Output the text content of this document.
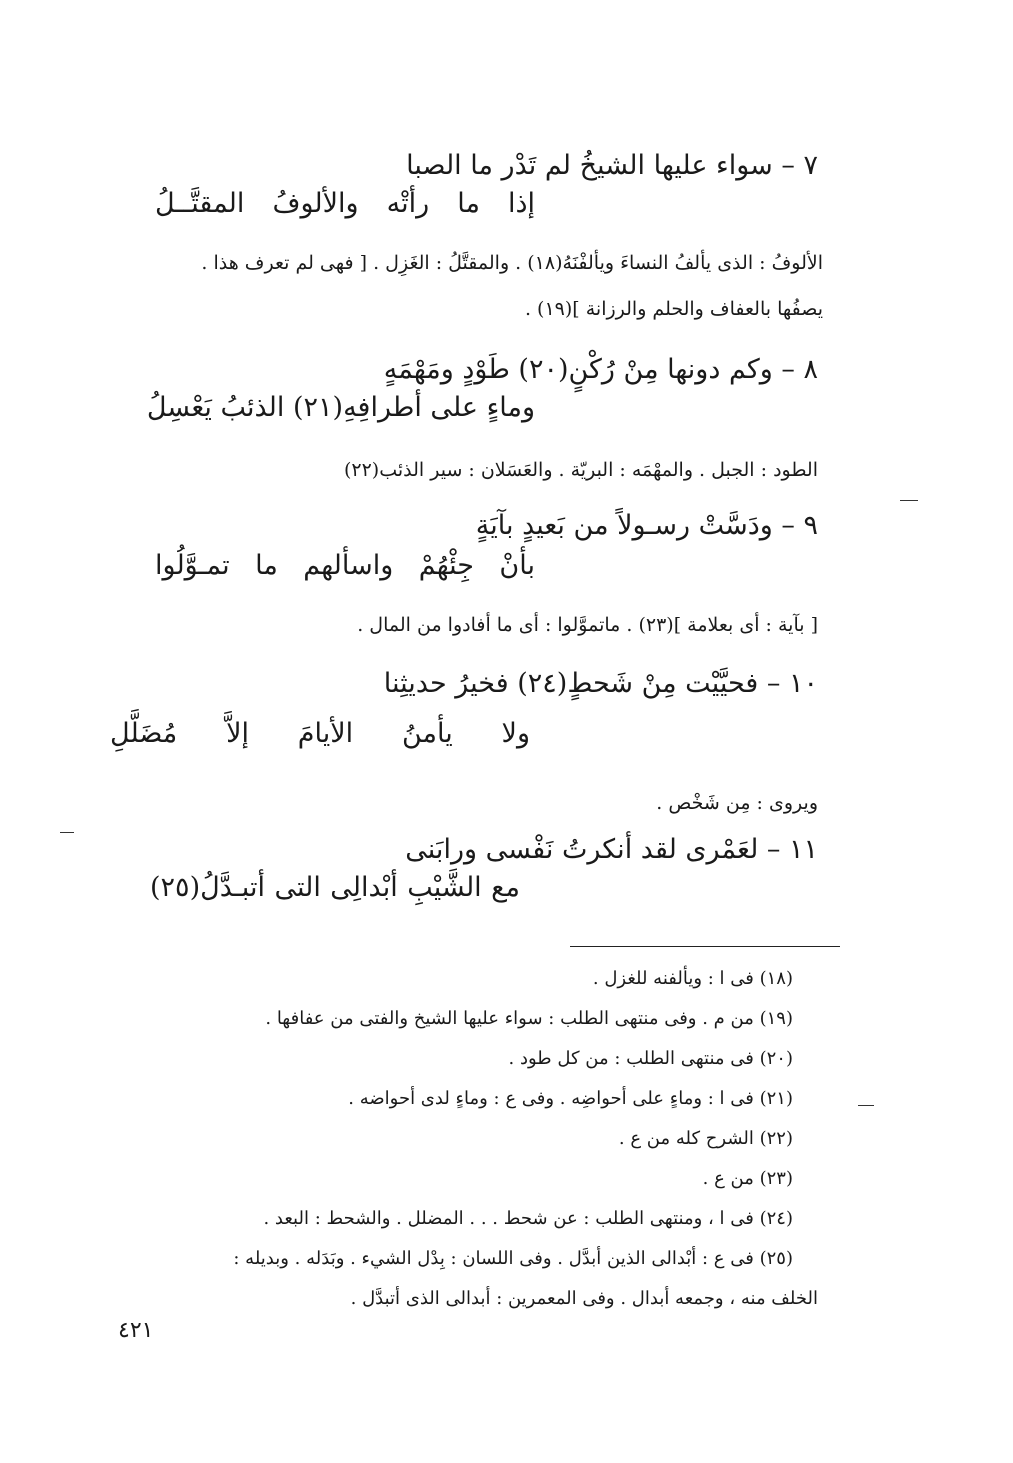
٧ – سواء عليها الشيخُ لم تَدْر ما الصبا
إذا ما رأتْه والألوفُ المقتَّــلُ
الألوفُ : الذى يألفُ النساءَ ويألفْنَهُ(١٨) . والمقتَّلُ : الغَزِل . [ فهى لم تعرف هذا .
يصفُها بالعفاف والحلم والرزانة ](١٩) .
٨ – وكم دونها مِنْ رُكْنٍ(٢٠) طَوْدٍ ومَهْمَهٍ
وماءٍ على أطرافِهِ(٢١) الذئبُ يَعْسِلُ
الطود : الجبل . والمهْمَه : البريّة . والعَسَلان : سير الذئب(٢٢)
٩ – ودَسَّتْ رسـولاً من بَعيدٍ بآيَةٍ
بأنْ جِئْهُمْ واسألهم ما تمـوَّلُوا
[ بآية : أى بعلامة ](٢٣) . ماتموَّلوا : أى ما أفادوا من المال .
١٠ – فحيَّيْت مِنْ شَحطٍ(٢٤) فخيرُ حديثِنا
ولا يأمنُ الأيامَ إلاَّ مُضَلَّلِ
ويروى : مِن شَخْص .
١١ – لعَمْرى لقد أنكرتُ نَفْسى ورابَنى
مع الشَّيْبِ أبْدالِى التى أتبـدَّلُ(٢٥)
(١٨) فى ا : ويألفنه للغزل .
(١٩) من م . وفى منتهى الطلب : سواء عليها الشيخ والفتى من عفافها .
(٢٠) فى منتهى الطلب : من كل طود .
(٢١) فى ا : وماءٍ على أحواضِه . وفى ع : وماءٍ لدى أحواضه .
(٢٢) الشرح كله من ع .
(٢٣) من ع .
(٢٤) فى ا ، ومنتهى الطلب : عن شحط . . . المضلل . والشحط : البعد .
(٢٥) فى ع : أبْدالى الذين أبدَّل . وفى اللسان : بِدْل الشيء . وبَدَله . وبديله :
الخلف منه ، وجمعه أبدال . وفى المعمرين : أبدالى الذى أتبدَّل .
٤٢١
